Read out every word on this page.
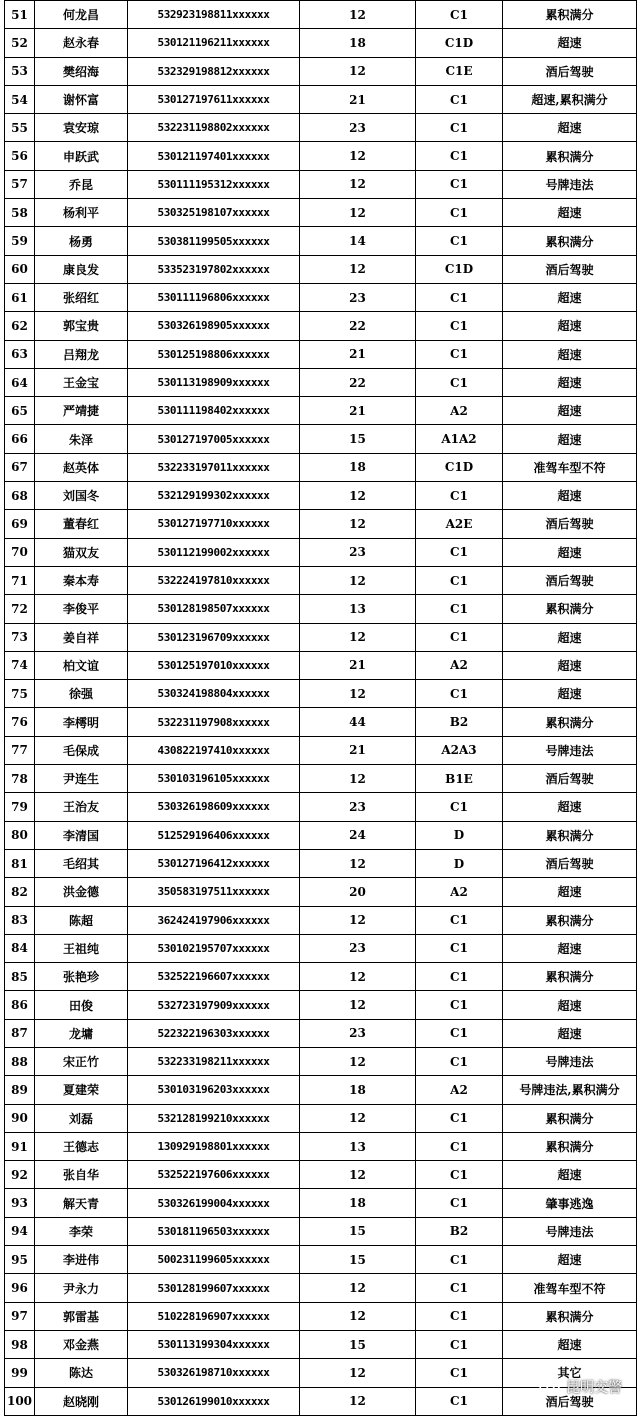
51	何龙昌	532923198811xxxxxx	12	C1	累积满分
52	赵永春	530121196211xxxxxx	18	C1D	超速
53	樊绍海	532329198812xxxxxx	12	C1E	酒后驾驶
54	谢怀富	530127197611xxxxxx	21	C1	超速,累积满分
55	袁安琼	532231198802xxxxxx	23	C1	超速
56	申跃武	530121197401xxxxxx	12	C1	累积满分
57	乔昆	530111195312xxxxxx	12	C1	号牌违法
58	杨利平	530325198107xxxxxx	12	C1	超速
59	杨勇	530381199505xxxxxx	14	C1	累积满分
60	康良发	533523197802xxxxxx	12	C1D	酒后驾驶
61	张绍红	530111196806xxxxxx	23	C1	超速
62	郭宝贵	530326198905xxxxxx	22	C1	超速
63	吕翔龙	530125198806xxxxxx	21	C1	超速
64	王金宝	530113198909xxxxxx	22	C1	超速
65	严靖捷	530111198402xxxxxx	21	A2	超速
66	朱泽	530127197005xxxxxx	15	A1A2	超速
67	赵英体	532233197011xxxxxx	18	C1D	准驾车型不符
68	刘国冬	532129199302xxxxxx	12	C1	超速
69	董春红	530127197710xxxxxx	12	A2E	酒后驾驶
70	猫双友	530112199002xxxxxx	23	C1	超速
71	秦本寿	532224197810xxxxxx	12	C1	酒后驾驶
72	李俊平	530128198507xxxxxx	13	C1	累积满分
73	姜自祥	530123196709xxxxxx	12	C1	超速
74	柏文谊	530125197010xxxxxx	21	A2	超速
75	徐强	530324198804xxxxxx	12	C1	超速
76	李樗明	532231197908xxxxxx	44	B2	累积满分
77	毛保成	430822197410xxxxxx	21	A2A3	号牌违法
78	尹连生	530103196105xxxxxx	12	B1E	酒后驾驶
79	王治友	530326198609xxxxxx	23	C1	超速
80	李清国	512529196406xxxxxx	24	D	累积满分
81	毛绍其	530127196412xxxxxx	12	D	酒后驾驶
82	洪金德	350583197511xxxxxx	20	A2	超速
83	陈超	362424197906xxxxxx	12	C1	累积满分
84	王祖纯	530102195707xxxxxx	23	C1	超速
85	张艳珍	532522196607xxxxxx	12	C1	累积满分
86	田俊	532723197909xxxxxx	12	C1	超速
87	龙墉	522322196303xxxxxx	23	C1	超速
88	宋正竹	532233198211xxxxxx	12	C1	号牌违法
89	夏建荣	530103196203xxxxxx	18	A2	号牌违法,累积满分
90	刘磊	532128199210xxxxxx	12	C1	累积满分
91	王德志	130929198801xxxxxx	13	C1	累积满分
92	张自华	532522197606xxxxxx	12	C1	超速
93	解天青	530326199004xxxxxx	18	C1	肇事逃逸
94	李荣	530181196503xxxxxx	15	B2	号牌违法
95	李进伟	500231199605xxxxxx	15	C1	超速
96	尹永力	530128199607xxxxxx	12	C1	准驾车型不符
97	郭雷基	510228196907xxxxxx	12	C1	累积满分
98	邓金燕	530113199304xxxxxx	15	C1	超速
99	陈达	530326198710xxxxxx	12	C1	其它
100	赵晓刚	530126199010xxxxxx	12	C1	酒后驾驶
昆明交警
